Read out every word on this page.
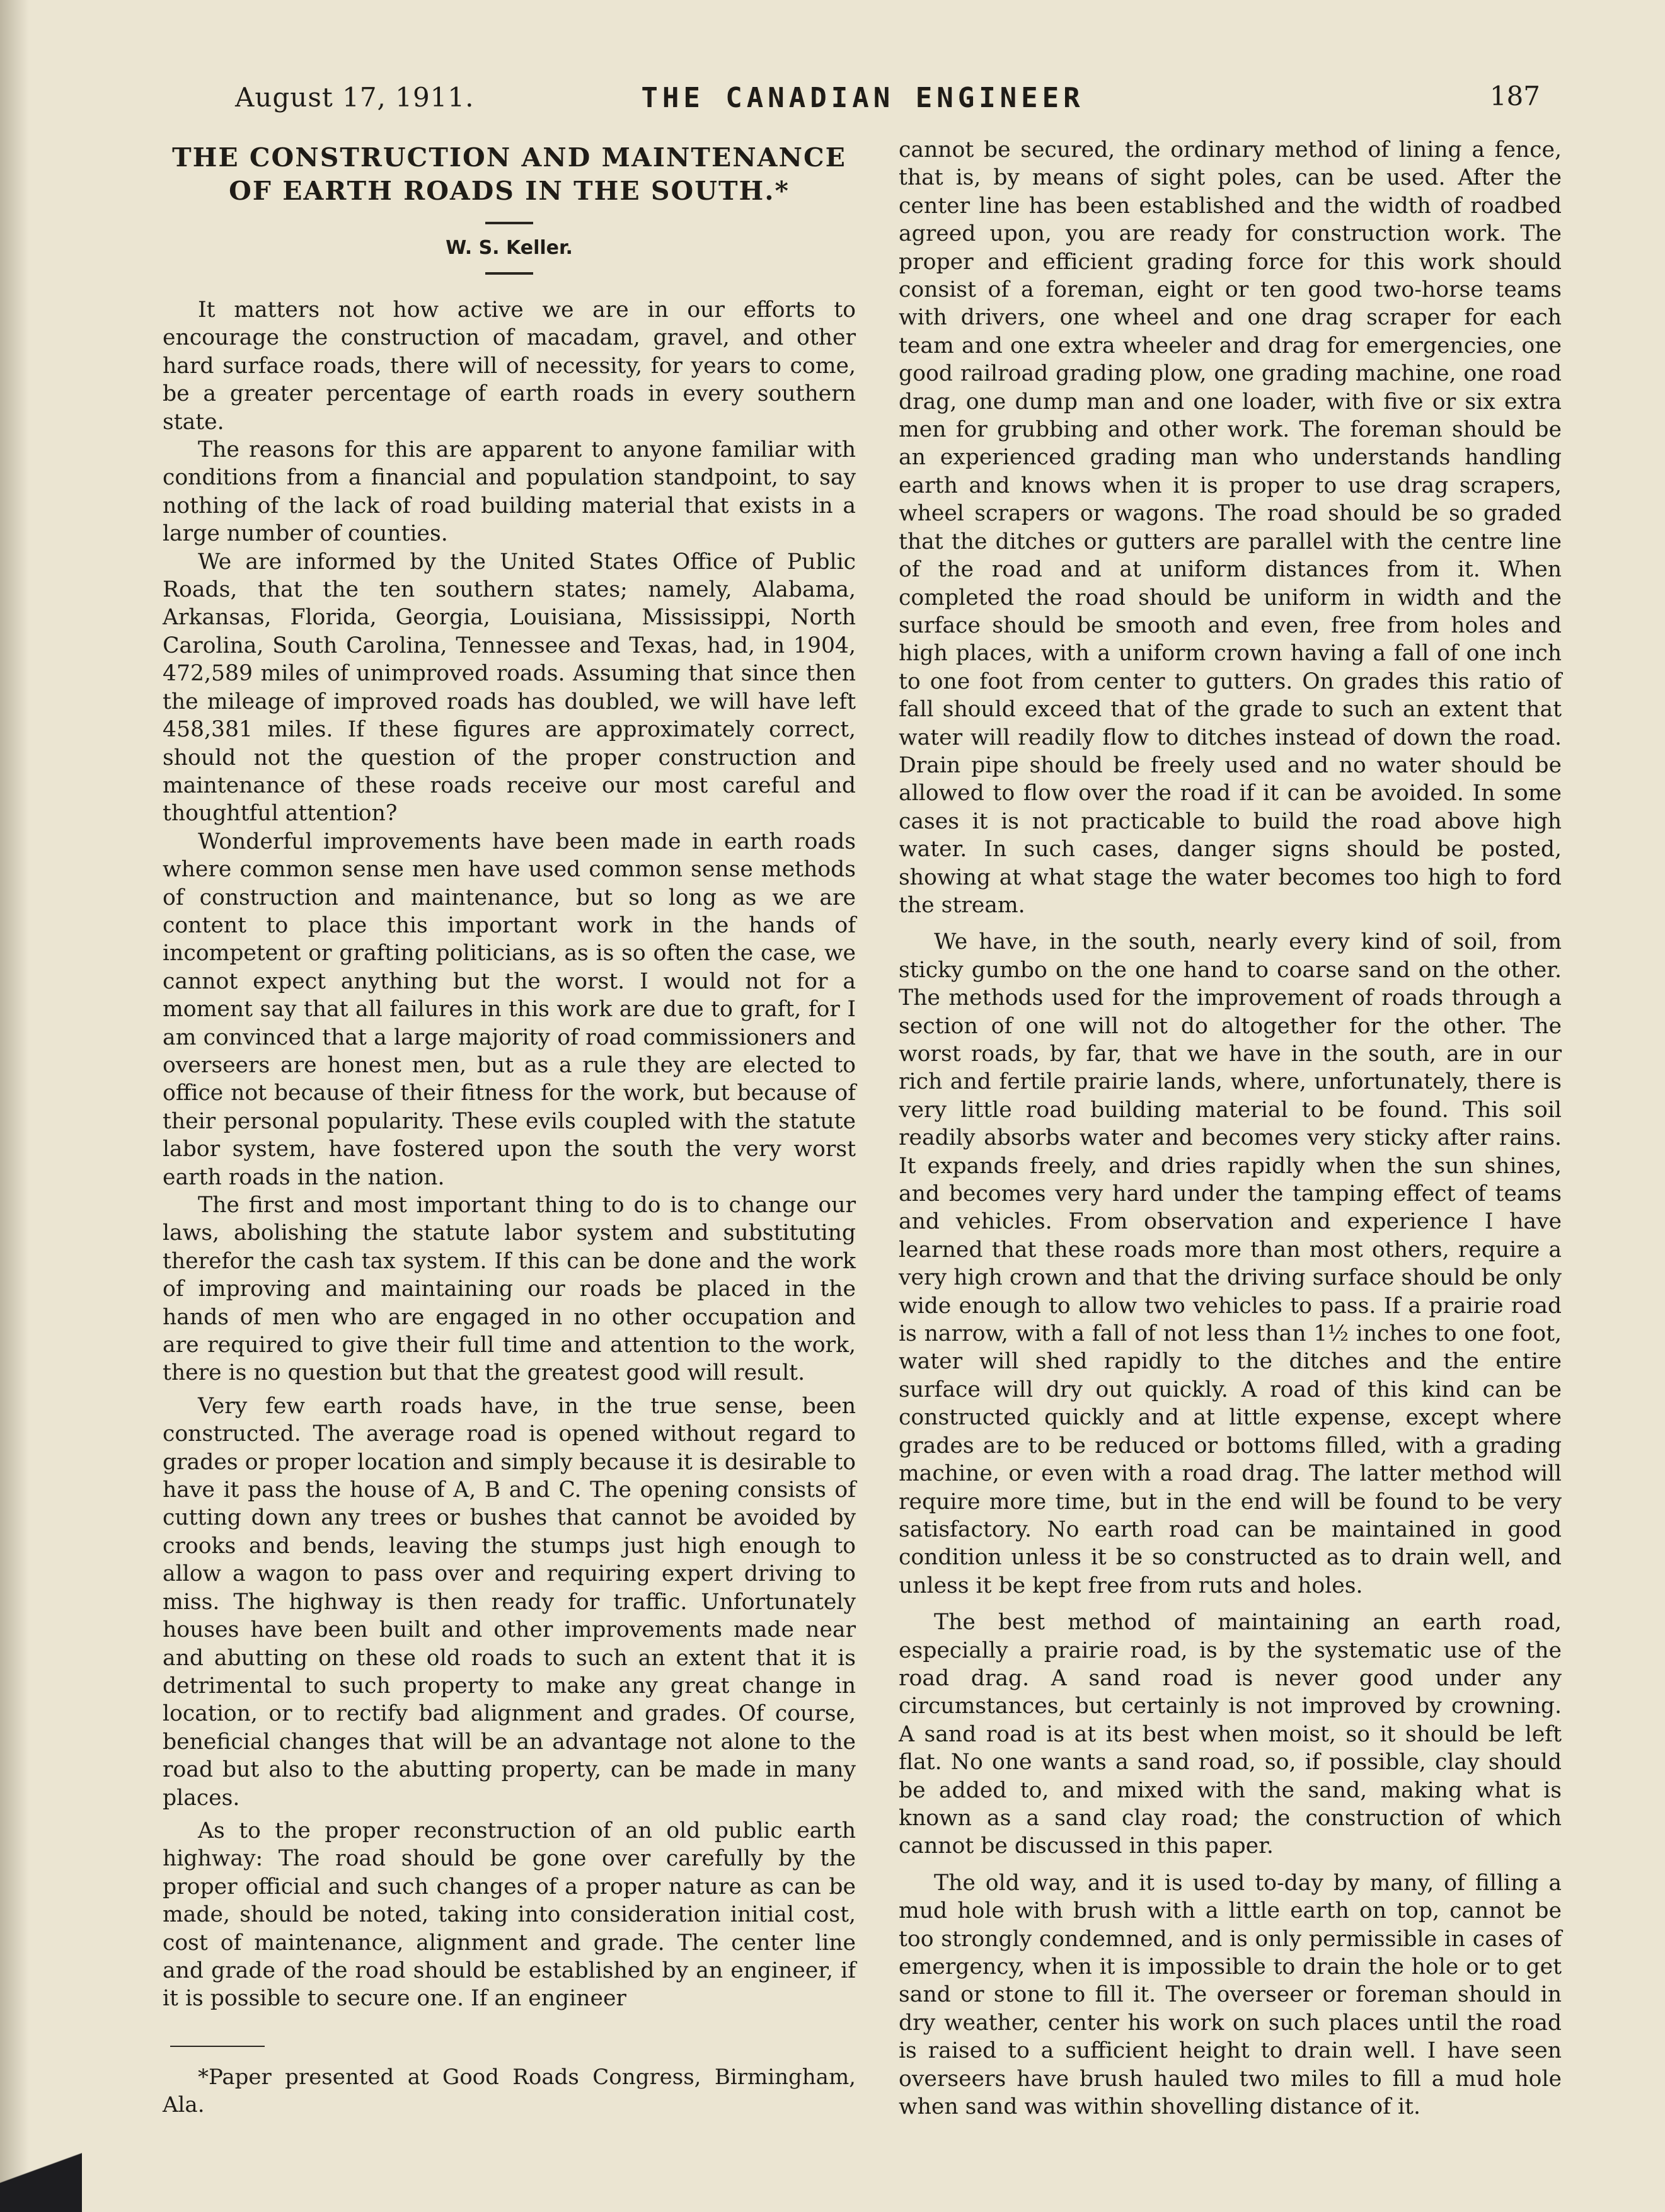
August 17, 1911.	THE CANADIAN ENGINEER	187
THE CONSTRUCTION AND MAINTENANCE OF EARTH ROADS IN THE SOUTH.*
W. S. Keller.

It matters not how active we are in our efforts to encourage the construction of macadam, gravel, and other hard surface roads, there will of necessity, for years to come, be a greater percentage of earth roads in every southern state.

The reasons for this are apparent to anyone familiar with conditions from a financial and population standpoint, to say nothing of the lack of road building material that exists in a large number of counties.

We are informed by the United States Office of Public Roads, that the ten southern states; namely, Alabama, Arkansas, Florida, Georgia, Louisiana, Mississippi, North Carolina, South Carolina, Tennessee and Texas, had, in 1904, 472,589 miles of unimproved roads. Assuming that since then the mileage of improved roads has doubled, we will have left 458,381 miles. If these figures are approximately correct, should not the question of the proper construction and maintenance of these roads receive our most careful and thoughtful attention?

Wonderful improvements have been made in earth roads where common sense men have used common sense methods of construction and maintenance, but so long as we are content to place this important work in the hands of incompetent or grafting politicians, as is so often the case, we cannot expect anything but the worst. I would not for a moment say that all failures in this work are due to graft, for I am convinced that a large majority of road commissioners and overseers are honest men, but as a rule they are elected to office not because of their fitness for the work, but because of their personal popularity. These evils coupled with the statute labor system, have fostered upon the south the very worst earth roads in the nation.

The first and most important thing to do is to change our laws, abolishing the statute labor system and substituting therefor the cash tax system. If this can be done and the work of improving and maintaining our roads be placed in the hands of men who are engaged in no other occupation and are required to give their full time and attention to the work, there is no question but that the greatest good will result.

Very few earth roads have, in the true sense, been constructed. The average road is opened without regard to grades or proper location and simply because it is desirable to have it pass the house of A, B and C. The opening consists of cutting down any trees or bushes that cannot be avoided by crooks and bends, leaving the stumps just high enough to allow a wagon to pass over and requiring expert driving to miss. The highway is then ready for traffic. Unfortunately houses have been built and other improvements made near and abutting on these old roads to such an extent that it is detrimental to such property to make any great change in location, or to rectify bad alignment and grades. Of course, beneficial changes that will be an advantage not alone to the road but also to the abutting property, can be made in many places.

As to the proper reconstruction of an old public earth highway: The road should be gone over carefully by the proper official and such changes of a proper nature as can be made, should be noted, taking into consideration initial cost, cost of maintenance, alignment and grade. The center line and grade of the road should be established by an engineer, if it is possible to secure one. If an engineer

*Paper presented at Good Roads Congress, Birmingham, Ala.

cannot be secured, the ordinary method of lining a fence, that is, by means of sight poles, can be used. After the center line has been established and the width of roadbed agreed upon, you are ready for construction work. The proper and efficient grading force for this work should consist of a foreman, eight or ten good two-horse teams with drivers, one wheel and one drag scraper for each team and one extra wheeler and drag for emergencies, one good railroad grading plow, one grading machine, one road drag, one dump man and one loader, with five or six extra men for grubbing and other work. The foreman should be an experienced grading man who understands handling earth and knows when it is proper to use drag scrapers, wheel scrapers or wagons. The road should be so graded that the ditches or gutters are parallel with the centre line of the road and at uniform distances from it. When completed the road should be uniform in width and the surface should be smooth and even, free from holes and high places, with a uniform crown having a fall of one inch to one foot from center to gutters. On grades this ratio of fall should exceed that of the grade to such an extent that water will readily flow to ditches instead of down the road. Drain pipe should be freely used and no water should be allowed to flow over the road if it can be avoided. In some cases it is not practicable to build the road above high water. In such cases, danger signs should be posted, showing at what stage the water becomes too high to ford the stream.

We have, in the south, nearly every kind of soil, from sticky gumbo on the one hand to coarse sand on the other. The methods used for the improvement of roads through a section of one will not do altogether for the other. The worst roads, by far, that we have in the south, are in our rich and fertile prairie lands, where, unfortunately, there is very little road building material to be found. This soil readily absorbs water and becomes very sticky after rains. It expands freely, and dries rapidly when the sun shines, and becomes very hard under the tamping effect of teams and vehicles. From observation and experience I have learned that these roads more than most others, require a very high crown and that the driving surface should be only wide enough to allow two vehicles to pass. If a prairie road is narrow, with a fall of not less than 1½ inches to one foot, water will shed rapidly to the ditches and the entire surface will dry out quickly. A road of this kind can be constructed quickly and at little expense, except where grades are to be reduced or bottoms filled, with a grading machine, or even with a road drag. The latter method will require more time, but in the end will be found to be very satisfactory. No earth road can be maintained in good condition unless it be so constructed as to drain well, and unless it be kept free from ruts and holes.

The best method of maintaining an earth road, especially a prairie road, is by the systematic use of the road drag. A sand road is never good under any circumstances, but certainly is not improved by crowning. A sand road is at its best when moist, so it should be left flat. No one wants a sand road, so, if possible, clay should be added to, and mixed with the sand, making what is known as a sand clay road; the construction of which cannot be discussed in this paper.

The old way, and it is used to-day by many, of filling a mud hole with brush with a little earth on top, cannot be too strongly condemned, and is only permissible in cases of emergency, when it is impossible to drain the hole or to get sand or stone to fill it. The overseer or foreman should in dry weather, center his work on such places until the road is raised to a sufficient height to drain well. I have seen overseers have brush hauled two miles to fill a mud hole when sand was within shovelling distance of it.
